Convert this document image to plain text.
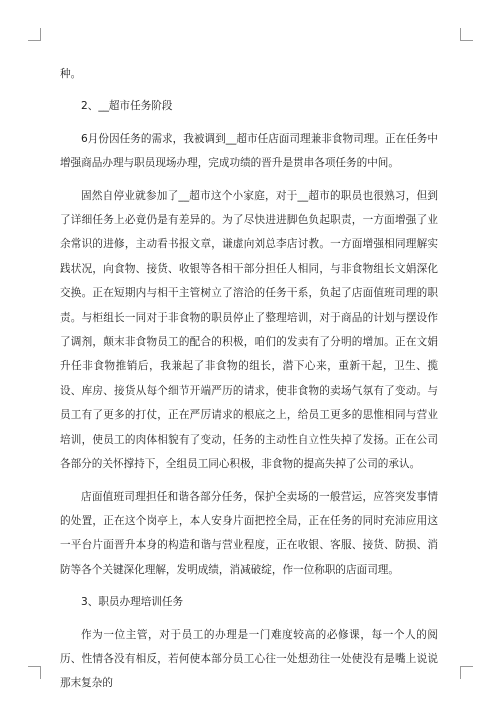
种。

2、__超市任务阶段

6月份因任务的需求，我被调到__超市任店面司理兼非食物司理。正在任务中增强商品办理与职员现场办理，完成功绩的晋升是贯串各项任务的中间。

固然自停业就参加了__超市这个小家庭，对于__超市的职员也很熟习，但到了详细任务上必竟仍是有差异的。为了尽快进进脚色负起职责，一方面增强了业余常识的进修，主动看书报文章，谦虚向刘总李店讨教。一方面增强相同理解实践状况，向食物、接货、收银等各相干部分担任人相同，与非食物组长文娟深化交换。正在短期内与相干主管树立了溶洽的任务干系，负起了店面值班司理的职责。与柜组长一同对于非食物的职员停止了整理培训，对于商品的计划与摆设作了调剂，颠末非食物员工的配合的积极，咱们的发卖有了分明的增加。正在文娟升任非食物推销后，我兼起了非食物的组长，潜下心来，重新干起，卫生、揽设、库房、接货从每个细节开端严历的请求，使非食物的卖场气氛有了变动。与员工有了更多的打仗，正在严厉请求的根底之上，给员工更多的思惟相同与营业培训，使员工的肉体相貌有了变动，任务的主动性自立性失掉了发扬。正在公司各部分的关怀撑持下，全组员工同心积极，非食物的提高失掉了公司的承认。

店面值班司理担任和谐各部分任务，保护全卖场的一般营运，应答突发事情的处置，正在这个岗亭上，本人安身片面把控全局，正在任务的同时充沛应用这一平台片面晋升本身的构造和谐与营业程度，正在收银、客服、接货、防损、消防等各个关键深化理解，发明成绩，消减破绽，作一位称职的店面司理。

3、职员办理培训任务

作为一位主管，对于员工的办理是一门难度较高的必修课，每一个人的阅历、性情各没有相反，若何使本部分员工心往一处想劲往一处使没有是嘴上说说那末复杂的
